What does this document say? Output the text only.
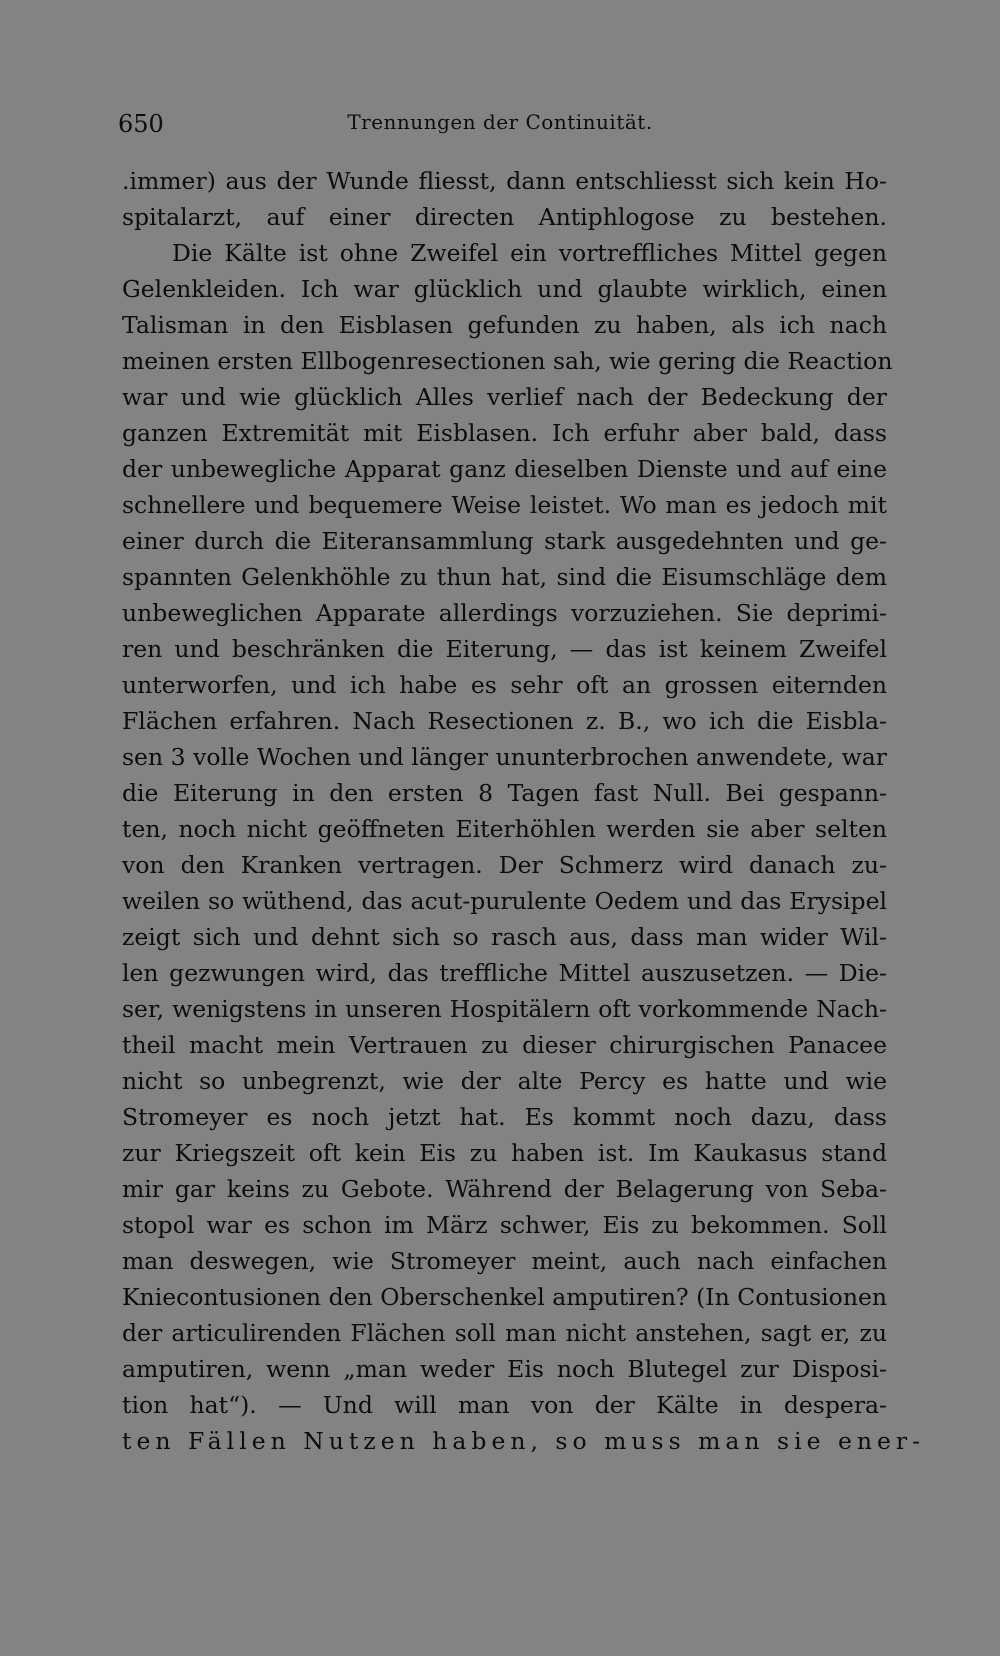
650	Trennungen der Continuität.
.immer) aus der Wunde fliesst, dann entschliesst sich kein Ho-
spitalarzt, auf einer directen Antiphlogose zu bestehen.
Die Kälte ist ohne Zweifel ein vortreffliches Mittel gegen
Gelenkleiden. Ich war glücklich und glaubte wirklich, einen
Talisman in den Eisblasen gefunden zu haben, als ich nach
meinen ersten Ellbogenresectionen sah, wie gering die Reaction
war und wie glücklich Alles verlief nach der Bedeckung der
ganzen Extremität mit Eisblasen. Ich erfuhr aber bald, dass
der unbewegliche Apparat ganz dieselben Dienste und auf eine
schnellere und bequemere Weise leistet. Wo man es jedoch mit
einer durch die Eiteransammlung stark ausgedehnten und ge-
spannten Gelenkhöhle zu thun hat, sind die Eisumschläge dem
unbeweglichen Apparate allerdings vorzuziehen. Sie deprimi-
ren und beschränken die Eiterung, — das ist keinem Zweifel
unterworfen, und ich habe es sehr oft an grossen eiternden
Flächen erfahren. Nach Resectionen z. B., wo ich die Eisbla-
sen 3 volle Wochen und länger ununterbrochen anwendete, war
die Eiterung in den ersten 8 Tagen fast Null. Bei gespann-
ten, noch nicht geöffneten Eiterhöhlen werden sie aber selten
von den Kranken vertragen. Der Schmerz wird danach zu-
weilen so wüthend, das acut-purulente Oedem und das Erysipel
zeigt sich und dehnt sich so rasch aus, dass man wider Wil-
len gezwungen wird, das treffliche Mittel auszusetzen. — Die-
ser, wenigstens in unseren Hospitälern oft vorkommende Nach-
theil macht mein Vertrauen zu dieser chirurgischen Panacee
nicht so unbegrenzt, wie der alte Percy es hatte und wie
Stromeyer es noch jetzt hat. Es kommt noch dazu, dass
zur Kriegszeit oft kein Eis zu haben ist. Im Kaukasus stand
mir gar keins zu Gebote. Während der Belagerung von Seba-
stopol war es schon im März schwer, Eis zu bekommen. Soll
man deswegen, wie Stromeyer meint, auch nach einfachen
Kniecontusionen den Oberschenkel amputiren? (In Contusionen
der articulirenden Flächen soll man nicht anstehen, sagt er, zu
amputiren, wenn „man weder Eis noch Blutegel zur Disposi-
tion hat“). — Und will man von der Kälte in despera-
ten Fällen Nutzen haben, so muss man sie ener-
